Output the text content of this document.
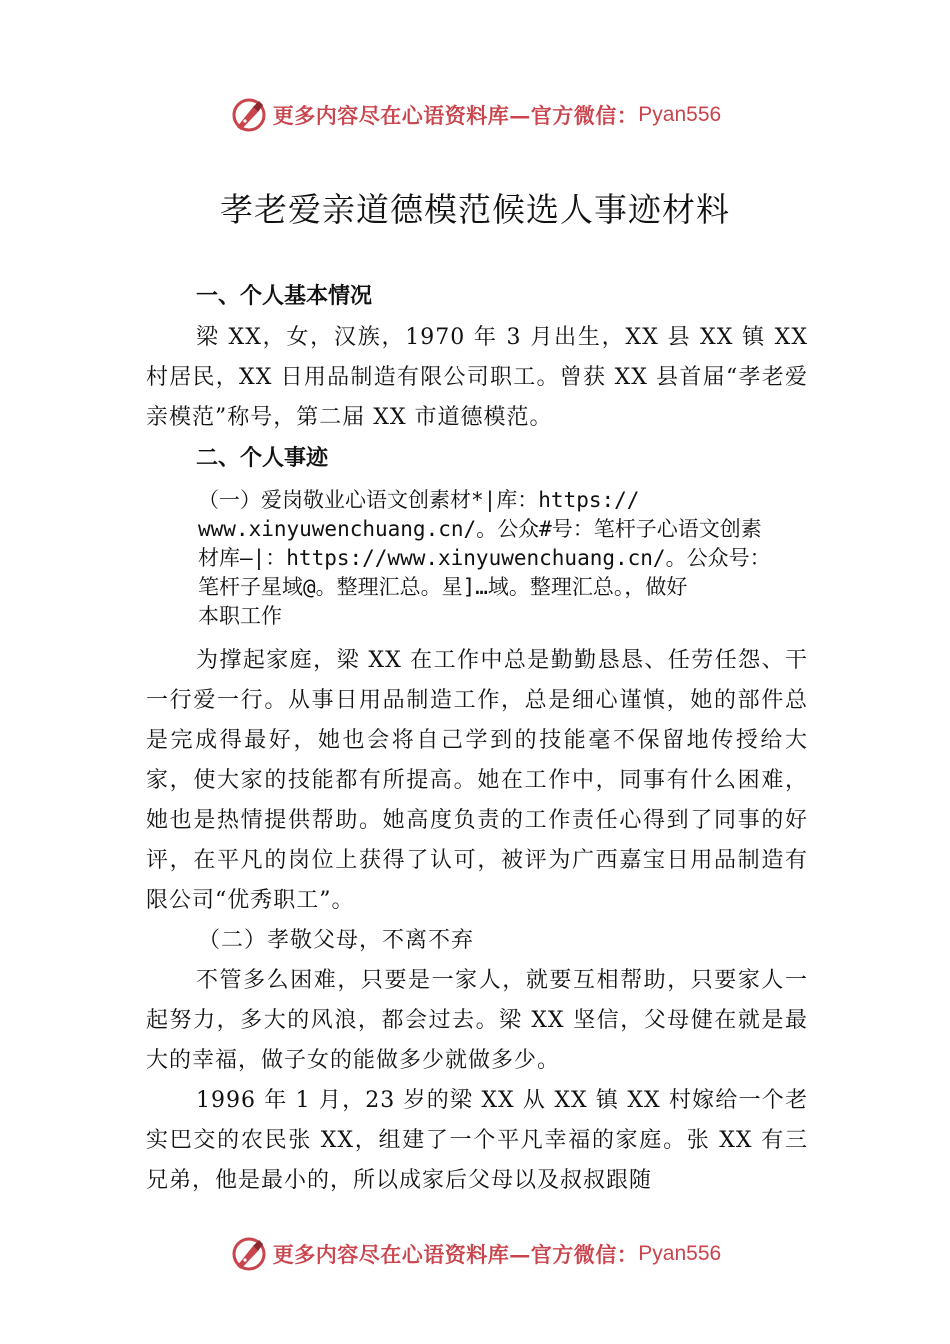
更多内容尽在心语资料库—官方微信： Pyan556
孝老爱亲道德模范候选人事迹材料

一、个人基本情况

梁 XX，女，汉族，1970 年 3 月出生，XX 县 XX 镇 XX 村居民，XX 日用品制造有限公司职工。曾获 XX 县首届“孝老爱亲模范”称号，第二届 XX 市道德模范。

二、个人事迹

（一）爱岗敬业心语文创素材*|库：https://
www.xinyuwenchuang.cn/。公众#号：笔杆子心语文创素
材库—|：https://www.xinyuwenchuang.cn/。公众号：
笔杆子星域@。整理汇总。星]…域。整理汇总。，做好
本职工作

为撑起家庭，梁 XX 在工作中总是勤勤恳恳、任劳任怨、干一行爱一行。从事日用品制造工作，总是细心谨慎，她的部件总是完成得最好，她也会将自己学到的技能毫不保留地传授给大家，使大家的技能都有所提高。她在工作中，同事有什么困难，她也是热情提供帮助。她高度负责的工作责任心得到了同事的好评，在平凡的岗位上获得了认可，被评为广西嘉宝日用品制造有限公司“优秀职工”。

（二）孝敬父母，不离不弃

不管多么困难，只要是一家人，就要互相帮助，只要家人一起努力，多大的风浪，都会过去。梁 XX 坚信，父母健在就是最大的幸福，做子女的能做多少就做多少。

1996 年 1 月，23 岁的梁 XX 从 XX 镇 XX 村嫁给一个老实巴交的农民张 XX，组建了一个平凡幸福的家庭。张 XX 有三兄弟，他是最小的，所以成家后父母以及叔叔跟随

更多内容尽在心语资料库—官方微信： Pyan556
